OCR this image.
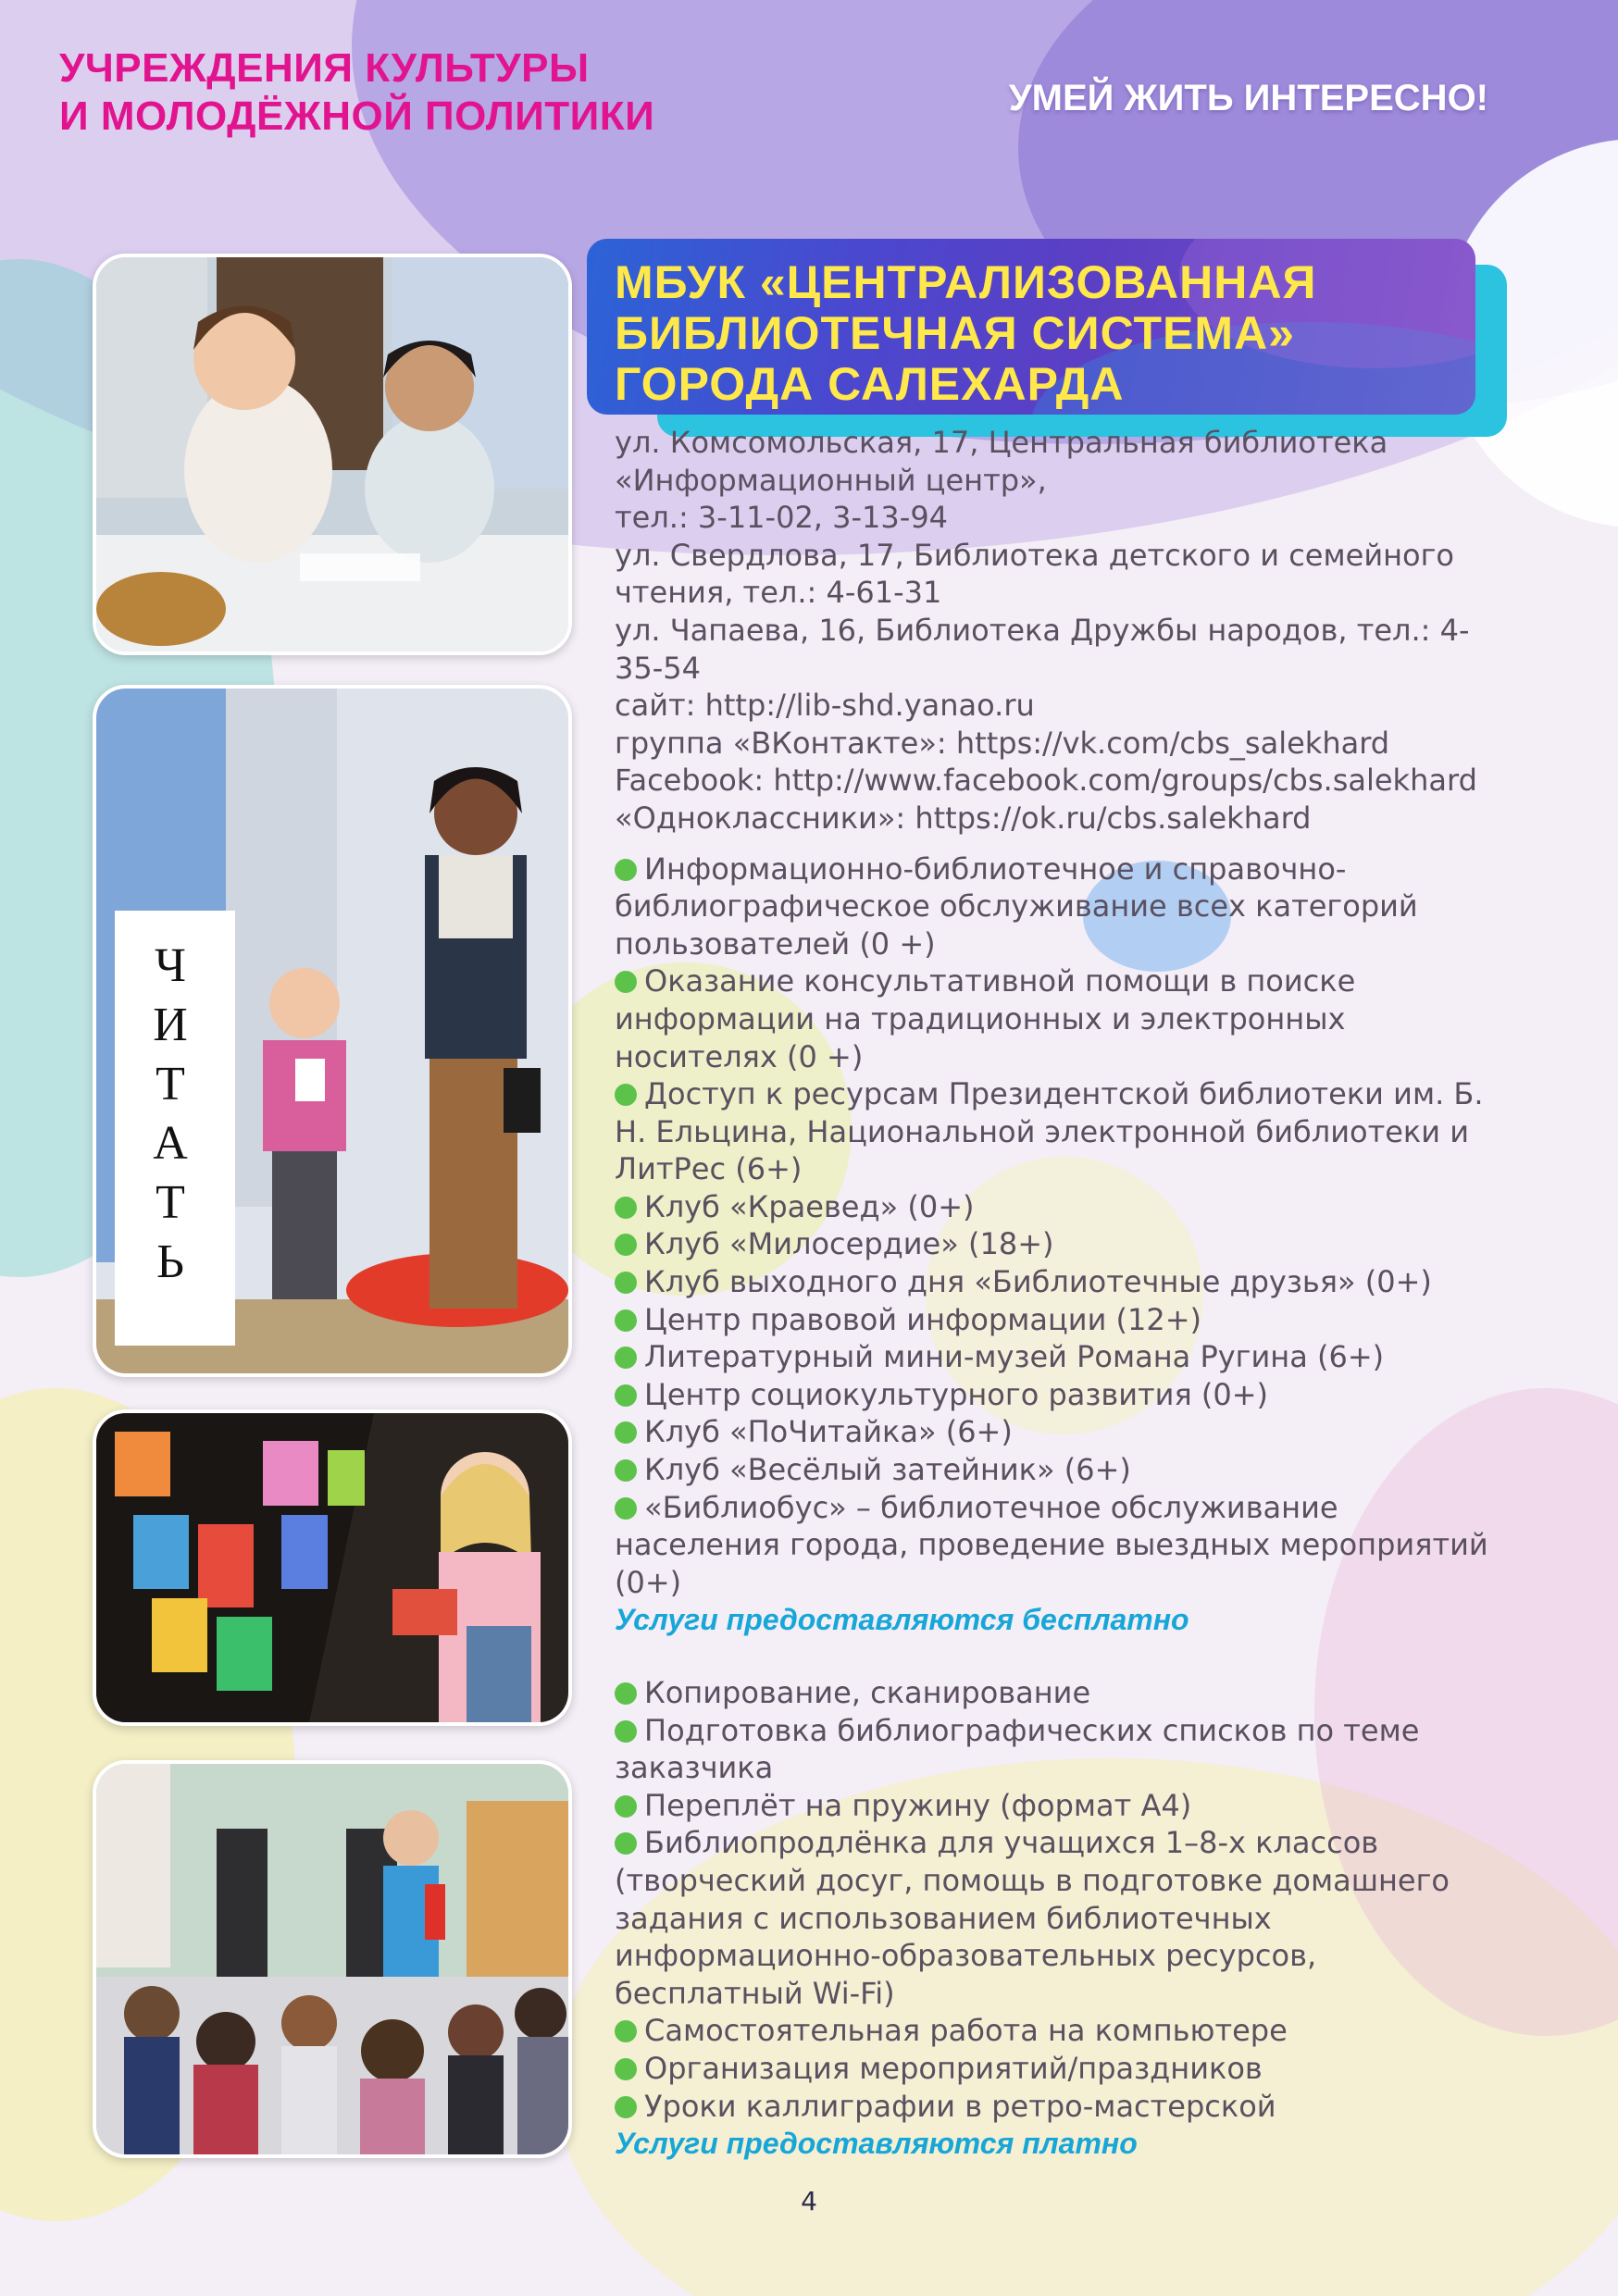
УЧРЕЖДЕНИЯ КУЛЬТУРЫ
И МОЛОДЁЖНОЙ ПОЛИТИКИ	УМЕЙ ЖИТЬ ИНТЕРЕСНО!
МБУК «ЦЕНТРАЛИЗОВАННАЯ
БИБЛИОТЕЧНАЯ СИСТЕМА»
ГОРОДА САЛЕХАРДА
Ч
И
Т
А
Т
Ь

ул. Комсомольская, 17, Центральная библиотека «Информационный центр»,

тел.: 3-11-02, 3-13-94

ул. Свердлова, 17, Библиотека детского и семейного чтения, тел.: 4-61-31

ул. Чапаева, 16, Библиотека Дружбы народов, тел.: 4-35-54

сайт: http://lib-shd.yanao.ru

группа «ВКонтакте»: https://vk.com/cbs_salekhard

Facebook: http://www.facebook.com/groups/cbs.salekhard

«Одноклассники»: https://ok.ru/cbs.salekhard

Информационно-библиотечное и справочно-библиографическое обслуживание всех категорий пользователей (0 +)

Оказание консультативной помощи в поиске информации на традиционных и электронных носителях (0 +)

Доступ к ресурсам Президентской библиотеки им. Б. Н. Ельцина, Национальной электронной библиотеки и ЛитРес (6+)

Клуб «Краевед» (0+)

Клуб «Милосердие» (18+)

Клуб выходного дня «Библиотечные друзья» (0+)

Центр правовой информации (12+)

Литературный мини-музей Романа Ругина (6+)

Центр социокультурного развития (0+)

Клуб «ПоЧитайка» (6+)

Клуб «Весёлый затейник» (6+)

«Библиобус» – библиотечное обслуживание населения города, проведение выездных мероприятий (0+)

Услуги предоставляются бесплатно

Копирование, сканирование

Подготовка библиографических списков по теме заказчика

Переплёт на пружину (формат А4)

Библиопродлёнка для учащихся 1–8-х классов (творческий досуг, помощь в подготовке домашнего задания с использованием библиотечных информационно-образовательных ресурсов, бесплатный Wi-Fi)

Самостоятельная работа на компьютере

Организация мероприятий/праздников

Уроки каллиграфии в ретро-мастерской

Услуги предоставляются платно

4
